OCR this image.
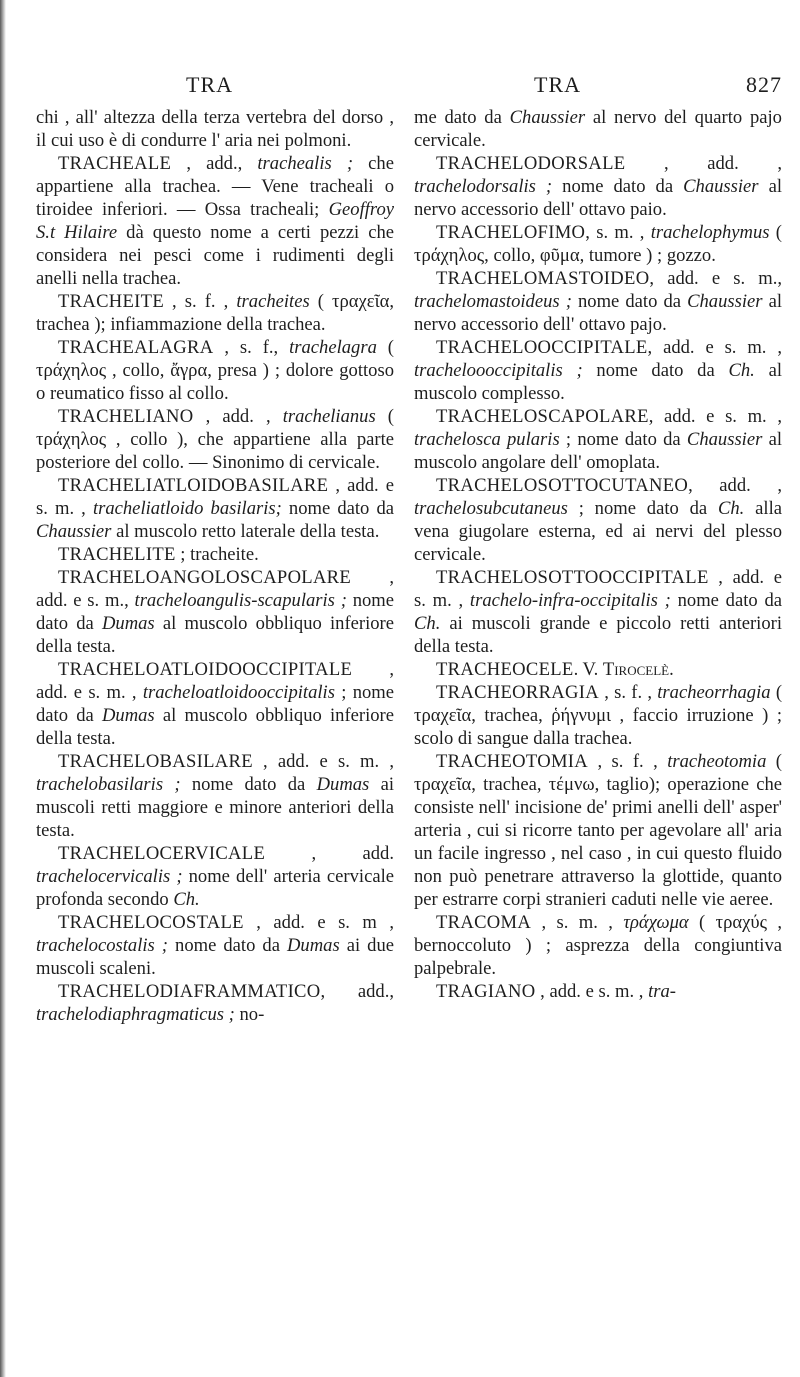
TRA	TRA	827

chi , all' altezza della terza vertebra del dorso , il cui uso è di condurre l' aria nei polmoni.

TRACHEALE , add., trachealis ; che appartiene alla trachea. — Vene tracheali o tiroidee inferiori. — Ossa tracheali; Geoffroy S.t Hilaire dà questo nome a certi pezzi che considera nei pesci come i rudimenti degli anelli nella trachea.

TRACHEITE , s. f. , tracheites ( τραχεῖα, trachea ); infiammazione della trachea.

TRACHEALAGRA , s. f., trachelagra ( τράχηλος , collo, ἄγρα, presa ) ; dolore gottoso o reumatico fisso al collo.

TRACHELIANO , add. , trachelianus ( τράχηλος , collo ), che appartiene alla parte posteriore del collo. — Sinonimo di cervicale.

TRACHELIATLOIDOBASILARE , add. e s. m. , tracheliatloido basilaris; nome dato da Chaussier al muscolo retto laterale della testa.

TRACHELITE ; tracheite.

TRACHELOANGOLOSCAPOLARE , add. e s. m., tracheloangulis-scapularis ; nome dato da Dumas al muscolo obbliquo inferiore della testa.

TRACHELOATLOIDOOCCIPITALE , add. e s. m. , tracheloatloidooccipitalis ; nome dato da Dumas al muscolo obbliquo inferiore della testa.

TRACHELOBASILARE , add. e s. m. , trachelobasilaris ; nome dato da Dumas ai muscoli retti maggiore e minore anteriori della testa.

TRACHELOCERVICALE , add. trachelocervicalis ; nome dell' arteria cervicale profonda secondo Ch.

TRACHELOCOSTALE , add. e s. m , trachelocostalis ; nome dato da Dumas ai due muscoli scaleni.

TRACHELODIAFRAMMATICO, add., trachelodiaphragmaticus ; no-

me dato da Chaussier al nervo del quarto pajo cervicale.

TRACHELODORSALE , add. , trachelodorsalis ; nome dato da Chaussier al nervo accessorio dell' ottavo paio.

TRACHELOFIMO, s. m. , trachelophymus ( τράχηλος, collo, φῦμα, tumore ) ; gozzo.

TRACHELOMASTOIDEO, add. e s. m., trachelomastoideus ; nome dato da Chaussier al nervo accessorio dell' ottavo pajo.

TRACHELOOCCIPITALE, add. e s. m. , tracheloooccipitalis ; nome dato da Ch. al muscolo complesso.

TRACHELOSCAPOLARE, add. e s. m. , trachelosca pularis ; nome dato da Chaussier al muscolo angolare dell' omoplata.

TRACHELOSOTTOCUTANEO, add. , trachelosubcutaneus ; nome dato da Ch. alla vena giugolare esterna, ed ai nervi del plesso cervicale.

TRACHELOSOTTOOCCIPITALE , add. e s. m. , trachelo-infra-occipitalis ; nome dato da Ch. ai muscoli grande e piccolo retti anteriori della testa.

TRACHEOCELE. V. Tirocelè.

TRACHEORRAGIA , s. f. , tracheorrhagia ( τραχεῖα, trachea, ῥήγνυμι , faccio irruzione ) ; scolo di sangue dalla trachea.

TRACHEOTOMIA , s. f. , tracheotomia ( τραχεῖα, trachea, τέμνω, taglio); operazione che consiste nell' incisione de' primi anelli dell' asper' arteria , cui si ricorre tanto per agevolare all' aria un facile ingresso , nel caso , in cui questo fluido non può penetrare attraverso la glottide, quanto per estrarre corpi stranieri caduti nelle vie aeree.

TRACOMA , s. m. , τράχωμα ( τραχύς , bernoccoluto ) ; asprezza della congiuntiva palpebrale.

TRAGIANO , add. e s. m. , tra-
